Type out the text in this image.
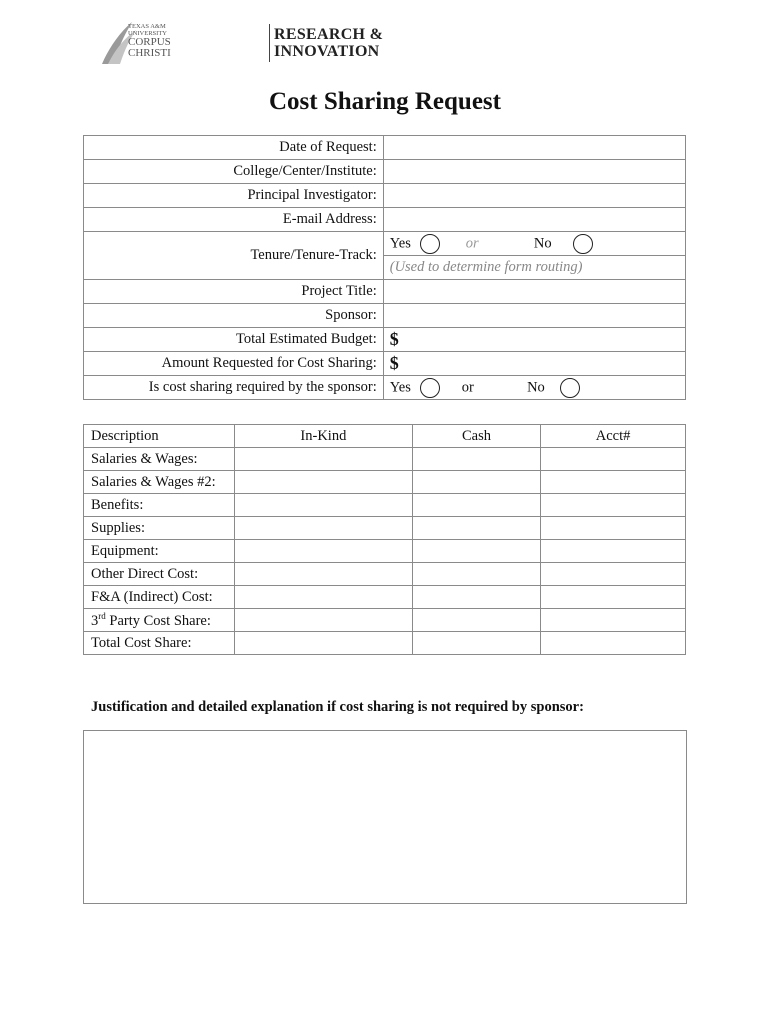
TEXAS A&M
UNIVERSITY
CORPUS
CHRISTI
RESEARCH &
INNOVATION
Cost Sharing Request
Date of Request:	
College/Center/Institute:	
Principal Investigator:	
E-mail Address:	
Tenure/Tenure-Track:	Yes or No
	(Used to determine form routing)
Project Title:	
Sponsor:	
Total Estimated Budget:	$
Amount Requested for Cost Sharing:	$
Is cost sharing required by the sponsor:	Yes or No
Description	In-Kind	Cash	Acct#
Salaries & Wages:			
Salaries & Wages #2:			
Benefits:			
Supplies:			
Equipment:			
Other Direct Cost:			
F&A (Indirect) Cost:			
3rd Party Cost Share:			
Total Cost Share:			
Justification and detailed explanation if cost sharing is not required by sponsor:
